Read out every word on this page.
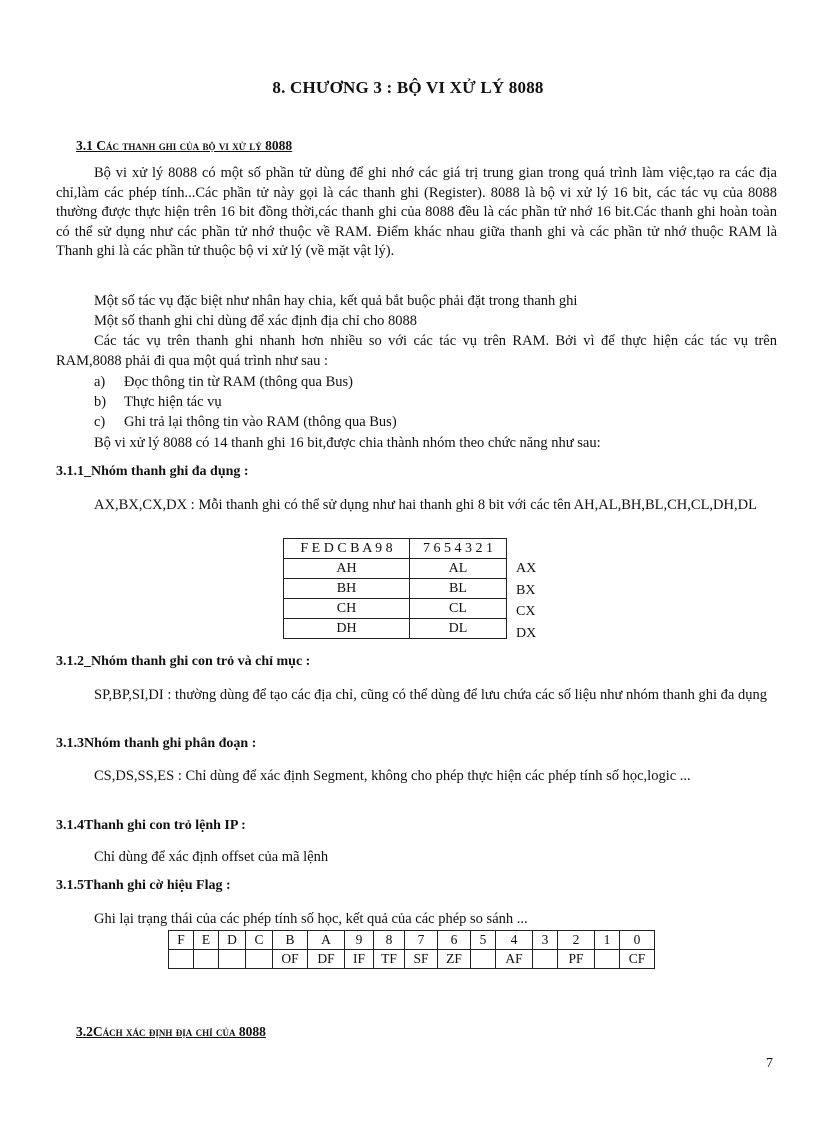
8. CHƯƠNG 3 : BỘ VI XỬ LÝ 8088
3.1 Các thanh ghi của bộ vi xử lý 8088
Bộ vi xử lý 8088 có một số phần tử dùng để ghi nhớ các giá trị trung gian trong quá trình làm việc,tạo ra các địa chỉ,làm các phép tính...Các phần tử này gọi là các thanh ghi (Register). 8088 là bộ vi xử lý 16 bit, các tác vụ của 8088 thường được thực hiện trên 16 bit đồng thời,các thanh ghi của 8088 đều là các phần tử nhớ 16 bit.Các thanh ghi hoàn toàn có thể sử dụng như các phần tử nhớ thuộc về RAM. Điểm khác nhau giữa thanh ghi và các phần tử nhớ thuộc RAM là Thanh ghi là các phần tử thuộc bộ vi xử lý (về mặt vật lý).
Một số tác vụ đặc biệt như nhân hay chia, kết quả bắt buộc phải đặt trong thanh ghi
Một số thanh ghi chỉ dùng để xác định địa chỉ cho 8088
Các tác vụ trên thanh ghi nhanh hơn nhiều so với các tác vụ trên RAM. Bởi vì để thực hiện các tác vụ trên RAM,8088 phải đi qua một quá trình như sau :
a) Đọc thông tin từ RAM (thông qua Bus)
b) Thực hiện tác vụ
c) Ghi trả lại thông tin vào RAM (thông qua Bus)
Bộ vi xử lý 8088 có 14 thanh ghi 16 bit,được chia thành nhóm theo chức năng như sau:
3.1.1_Nhóm thanh ghi đa dụng :
AX,BX,CX,DX : Mỗi thanh ghi có thể sử dụng như hai thanh ghi 8 bit với các tên AH,AL,BH,BL,CH,CL,DH,DL
F E D C B A 9 8	7 6 5 4 3 2 1
AH	AL
BH	BL
CH	CL
DH	DL
AX
BX
CX
DX
3.1.2_Nhóm thanh ghi con trỏ và chỉ mục :
SP,BP,SI,DI : thường dùng để tạo các địa chỉ, cũng có thể dùng để lưu chứa các số liệu như nhóm thanh ghi đa dụng
3.1.3Nhóm thanh ghi phân đoạn :
CS,DS,SS,ES : Chỉ dùng để xác định Segment, không cho phép thực hiện các phép tính số học,logic ...
3.1.4Thanh ghi con trỏ lệnh IP :
Chỉ dùng để xác định offset của mã lệnh
3.1.5Thanh ghi cờ hiệu Flag :
Ghi lại trạng thái của các phép tính số học, kết quả của các phép so sánh ...
F	E	D	C	B	A	9	8	7	6	5	4	3	2	1	0
				OF	DF	IF	TF	SF	ZF		AF		PF		CF
3.2Cách xác định địa chỉ của 8088
7
